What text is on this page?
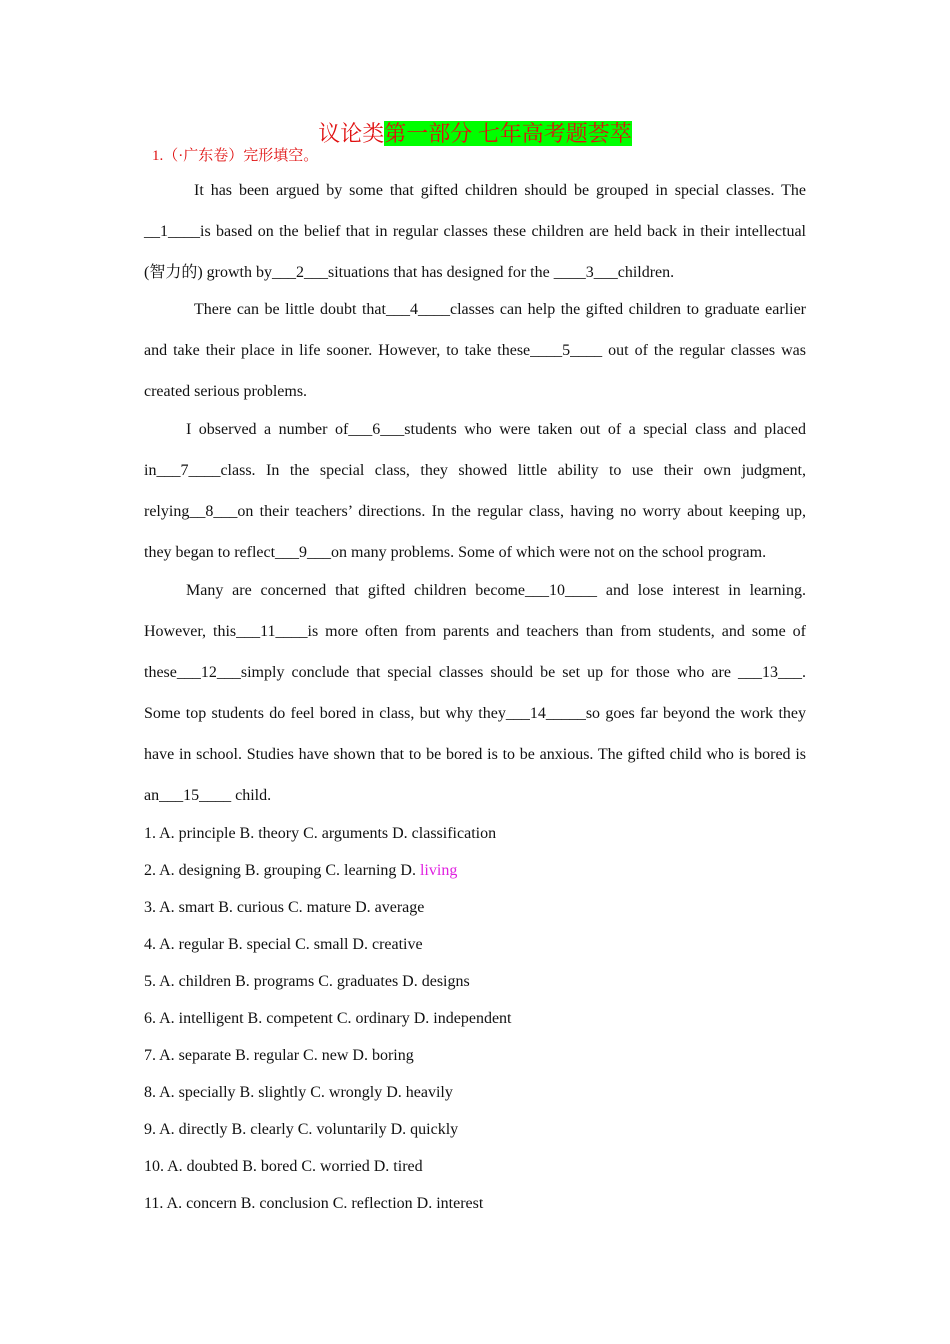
议论类第一部分 七年高考题荟萃
1.（·广东卷）完形填空。

It has been argued by some that gifted children should be grouped in special classes. The __1____is based on the belief that in regular classes these children are held back in their intellectual (智力的) growth by___2___situations that has designed for the ____3___children.

There can be little doubt that___4____classes can help the gifted children to graduate earlier and take their place in life sooner. However, to take these____5____ out of the regular classes was created serious problems.

I observed a number of___6___students who were taken out of a special class and placed in___7____class. In the special class, they showed little ability to use their own judgment, relying__8___on their teachers’ directions. In the regular class, having no worry about keeping up, they began to reflect___9___on many problems. Some of which were not on the school program.

Many are concerned that gifted children become___10____ and lose interest in learning. However, this___11____is more often from parents and teachers than from students, and some of these___12___simply conclude that special classes should be set up for those who are ___13___. Some top students do feel bored in class, but why they___14_____so goes far beyond the work they have in school. Studies have shown that to be bored is to be anxious. The gifted child who is bored is an___15____ child.

1. A. principle B. theory C. arguments D. classification
2. A. designing B. grouping C. learning D. living
3. A. smart B. curious C. mature D. average
4. A. regular B. special C. small D. creative
5. A. children B. programs C. graduates D. designs
6. A. intelligent B. competent C. ordinary D. independent
7. A. separate B. regular C. new D. boring
8. A. specially B. slightly C. wrongly D. heavily
9. A. directly B. clearly C. voluntarily D. quickly
10. A. doubted B. bored C. worried D. tired
11. A. concern B. conclusion C. reflection D. interest
